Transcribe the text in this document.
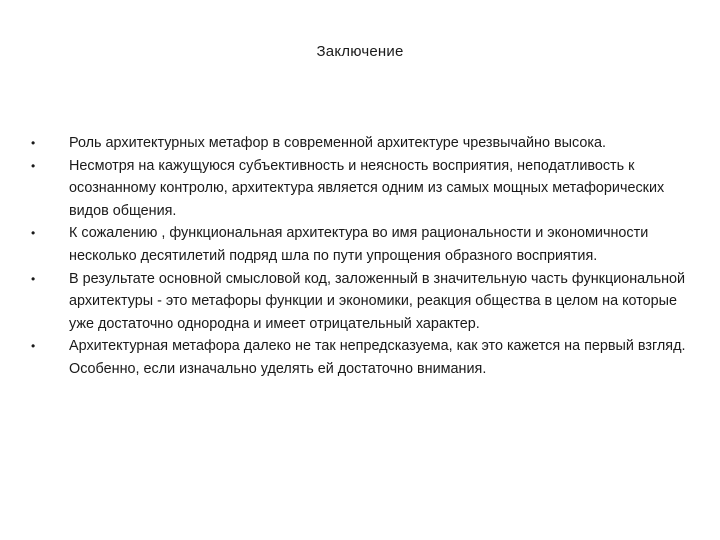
Заключение
•	Роль архитектурных метафор в современной архитектуре чрезвычайно высока.
•	Несмотря на кажущуюся субъективность и неясность восприятия, неподатливость к осознанному контролю, архитектура является одним из самых мощных метафорических видов общения.
•	К сожалению , функциональная архитектура во имя рациональности и экономичности несколько десятилетий подряд шла по пути упрощения образного восприятия.
•	В результате основной смысловой код, заложенный в значительную часть функциональной архитектуры - это метафоры функции и экономики, реакция общества в целом на которые уже достаточно однородна и имеет отрицательный характер.
•	Архитектурная метафора далеко не так непредсказуема, как это кажется на первый взгляд. Особенно, если изначально уделять ей достаточно внимания.
